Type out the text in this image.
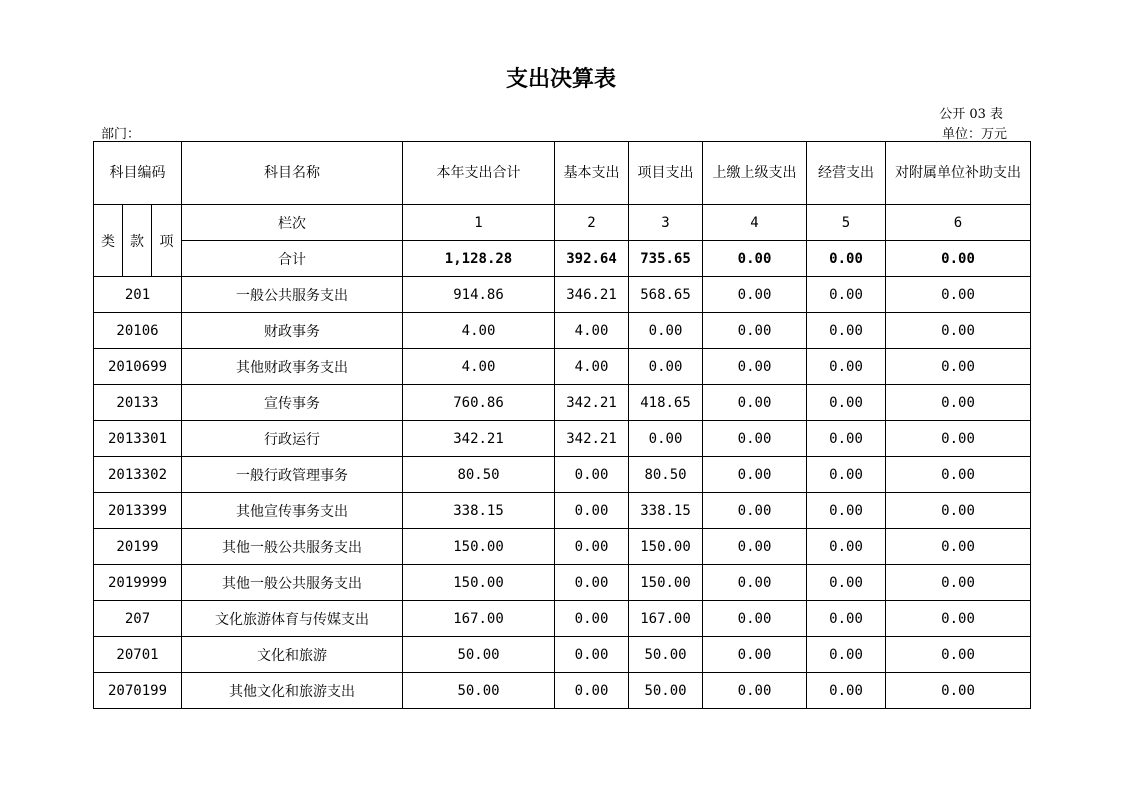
支出决算表
公开 03 表
部门：	单位：万元
科目编码			科目名称	本年支出合计	基本支出	项目支出	上缴上级支出	经营支出	对附属单位补助支出
类	款	项	栏次	1	2	3	4	5	6
			合计	1,128.28	392.64	735.65	0.00	0.00	0.00
201			一般公共服务支出	914.86	346.21	568.65	0.00	0.00	0.00
20106			财政事务	4.00	4.00	0.00	0.00	0.00	0.00
2010699			其他财政事务支出	4.00	4.00	0.00	0.00	0.00	0.00
20133			宣传事务	760.86	342.21	418.65	0.00	0.00	0.00
2013301			行政运行	342.21	342.21	0.00	0.00	0.00	0.00
2013302			一般行政管理事务	80.50	0.00	80.50	0.00	0.00	0.00
2013399			其他宣传事务支出	338.15	0.00	338.15	0.00	0.00	0.00
20199			其他一般公共服务支出	150.00	0.00	150.00	0.00	0.00	0.00
2019999			其他一般公共服务支出	150.00	0.00	150.00	0.00	0.00	0.00
207			文化旅游体育与传媒支出	167.00	0.00	167.00	0.00	0.00	0.00
20701			文化和旅游	50.00	0.00	50.00	0.00	0.00	0.00
2070199			其他文化和旅游支出	50.00	0.00	50.00	0.00	0.00	0.00
